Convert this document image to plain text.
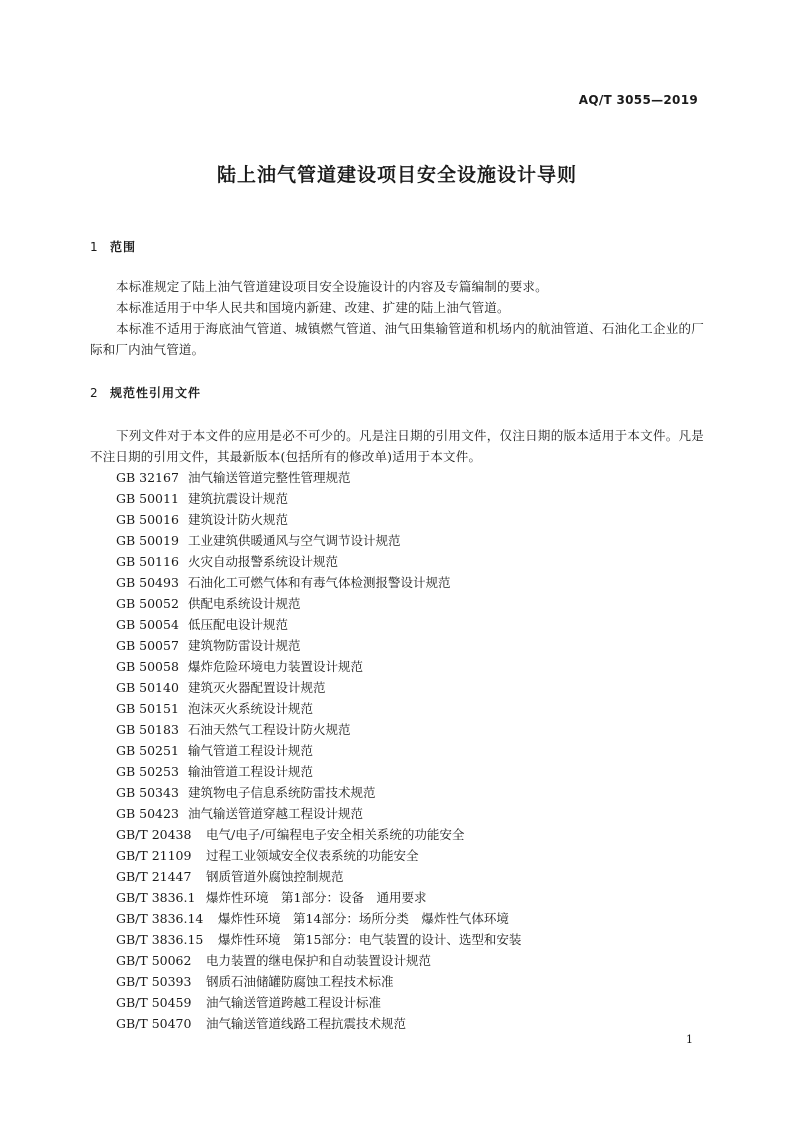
AQ/T 3055—2019
陆上油气管道建设项目安全设施设计导则
1 范围
本标准规定了陆上油气管道建设项目安全设施设计的内容及专篇编制的要求。
本标准适用于中华人民共和国境内新建、改建、扩建的陆上油气管道。
本标准不适用于海底油气管道、城镇燃气管道、油气田集输管道和机场内的航油管道、石油化工企业的厂际和厂内油气管道。
2 规范性引用文件
下列文件对于本文件的应用是必不可少的。凡是注日期的引用文件，仅注日期的版本适用于本文件。凡是不注日期的引用文件，其最新版本(包括所有的修改单)适用于本文件。
GB 32167 油气输送管道完整性管理规范
GB 50011 建筑抗震设计规范
GB 50016 建筑设计防火规范
GB 50019 工业建筑供暖通风与空气调节设计规范
GB 50116 火灾自动报警系统设计规范
GB 50493 石油化工可燃气体和有毒气体检测报警设计规范
GB 50052 供配电系统设计规范
GB 50054 低压配电设计规范
GB 50057 建筑物防雷设计规范
GB 50058 爆炸危险环境电力装置设计规范
GB 50140 建筑灭火器配置设计规范
GB 50151 泡沫灭火系统设计规范
GB 50183 石油天然气工程设计防火规范
GB 50251 输气管道工程设计规范
GB 50253 输油管道工程设计规范
GB 50343 建筑物电子信息系统防雷技术规范
GB 50423 油气输送管道穿越工程设计规范
GB/T 20438 电气/电子/可编程电子安全相关系统的功能安全
GB/T 21109 过程工业领域安全仪表系统的功能安全
GB/T 21447 钢质管道外腐蚀控制规范
GB/T 3836.1 爆炸性环境　第1部分：设备　通用要求
GB/T 3836.14 爆炸性环境　第14部分：场所分类　爆炸性气体环境
GB/T 3836.15 爆炸性环境　第15部分：电气装置的设计、选型和安装
GB/T 50062 电力装置的继电保护和自动装置设计规范
GB/T 50393 钢质石油储罐防腐蚀工程技术标准
GB/T 50459 油气输送管道跨越工程设计标准
GB/T 50470 油气输送管道线路工程抗震技术规范
1
